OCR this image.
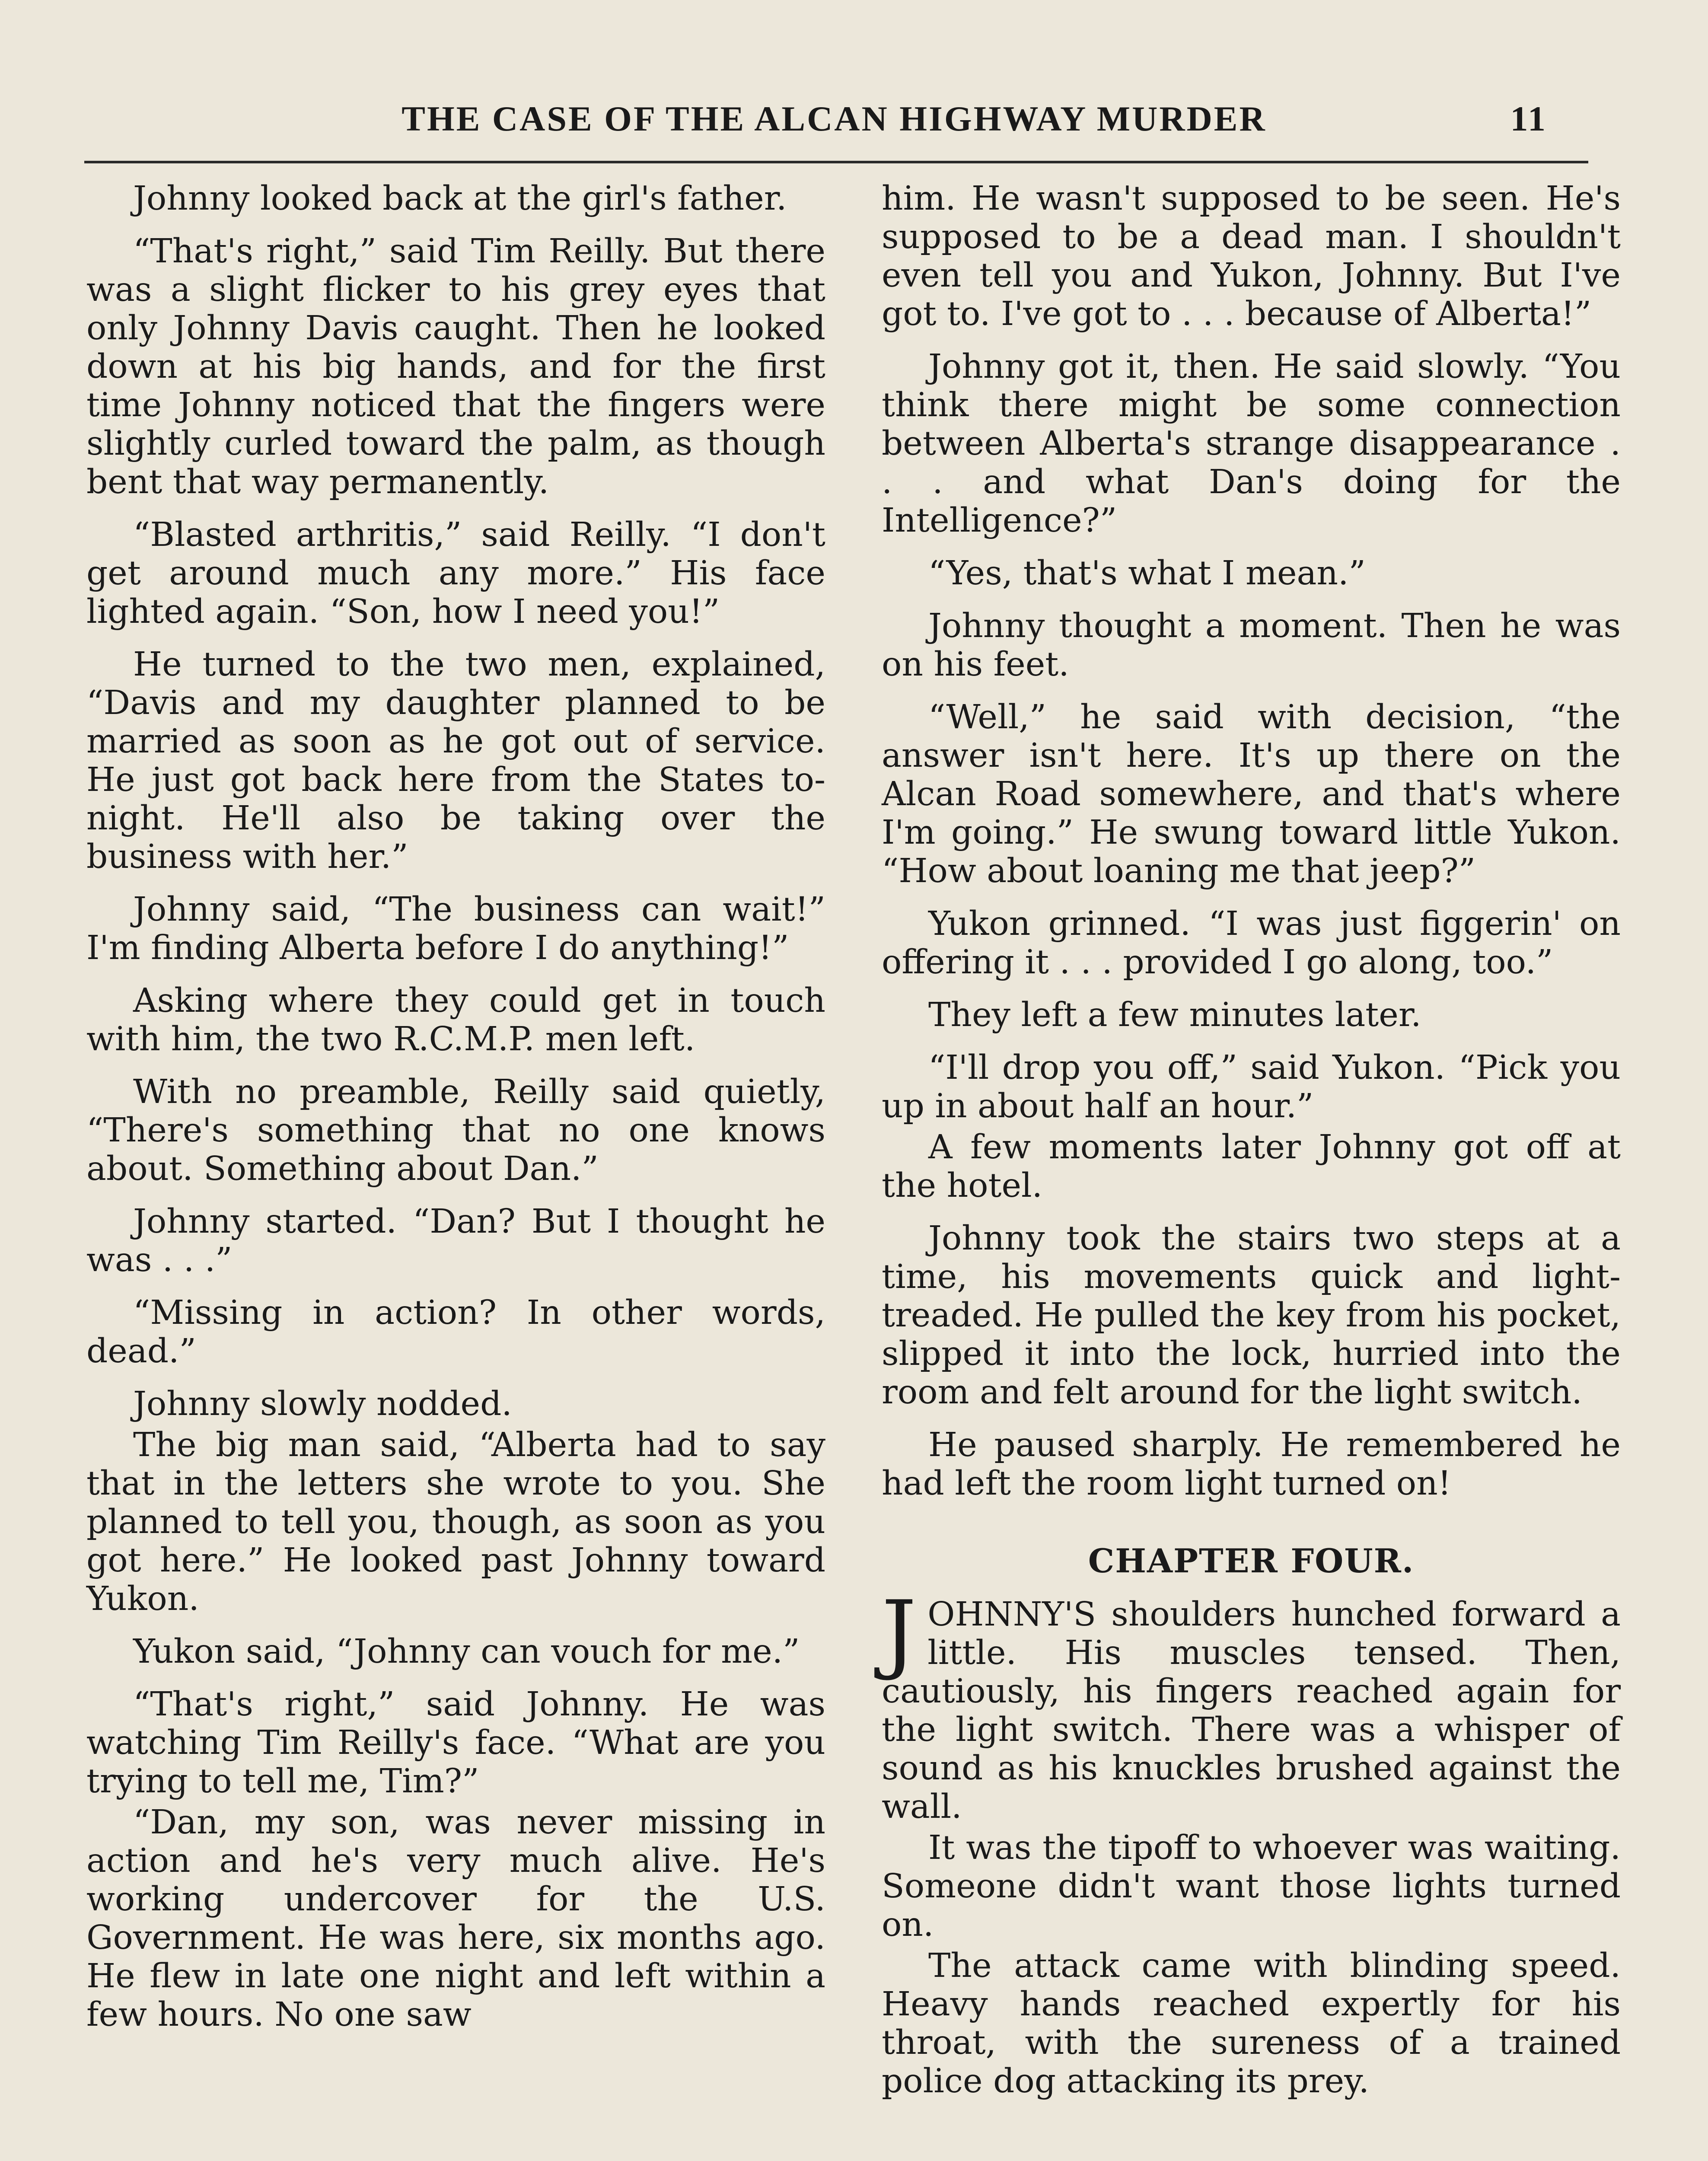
THE CASE OF THE ALCAN HIGHWAY MURDER	11

Johnny looked back at the girl's father.

“That's right,” said Tim Reilly. But there was a slight flicker to his grey eyes that only Johnny Davis caught. Then he looked down at his big hands, and for the first time Johnny noticed that the fingers were slightly curled toward the palm, as though bent that way permanently.

“Blasted arthritis,” said Reilly. “I don't get around much any more.” His face lighted again. “Son, how I need you!”

He turned to the two men, explained, “Davis and my daughter planned to be married as soon as he got out of service. He just got back here from the States to-night. He'll also be taking over the business with her.”

Johnny said, “The business can wait!” I'm finding Alberta before I do anything!”

Asking where they could get in touch with him, the two R.C.M.P. men left.

With no preamble, Reilly said quietly, “There's something that no one knows about. Something about Dan.”

Johnny started. “Dan? But I thought he was . . .”

“Missing in action? In other words, dead.”

Johnny slowly nodded.

The big man said, “Alberta had to say that in the letters she wrote to you. She planned to tell you, though, as soon as you got here.” He looked past Johnny toward Yukon.

Yukon said, “Johnny can vouch for me.”

“That's right,” said Johnny. He was watching Tim Reilly's face. “What are you trying to tell me, Tim?”

“Dan, my son, was never missing in action and he's very much alive. He's working undercover for the U.S. Government. He was here, six months ago. He flew in late one night and left within a few hours. No one saw

him. He wasn't supposed to be seen. He's supposed to be a dead man. I shouldn't even tell you and Yukon, Johnny. But I've got to. I've got to . . . because of Alberta!”

Johnny got it, then. He said slowly. “You think there might be some connection between Alberta's strange disappearance . . . and what Dan's doing for the Intelligence?”

“Yes, that's what I mean.”

Johnny thought a moment. Then he was on his feet.

“Well,” he said with decision, “the answer isn't here. It's up there on the Alcan Road somewhere, and that's where I'm going.” He swung toward little Yukon. “How about loaning me that jeep?”

Yukon grinned. “I was just figgerin' on offering it . . . provided I go along, too.”

They left a few minutes later.

“I'll drop you off,” said Yukon. “Pick you up in about half an hour.”

A few moments later Johnny got off at the hotel.

Johnny took the stairs two steps at a time, his movements quick and light-treaded. He pulled the key from his pocket, slipped it into the lock, hurried into the room and felt around for the light switch.

He paused sharply. He remembered he had left the room light turned on!

CHAPTER FOUR.

JOHNNY'S shoulders hunched forward a little. His muscles tensed. Then, cautiously, his fingers reached again for the light switch. There was a whisper of sound as his knuckles brushed against the wall.

It was the tipoff to whoever was waiting. Someone didn't want those lights turned on.

The attack came with blinding speed. Heavy hands reached expertly for his throat, with the sureness of a trained police dog attacking its prey.
